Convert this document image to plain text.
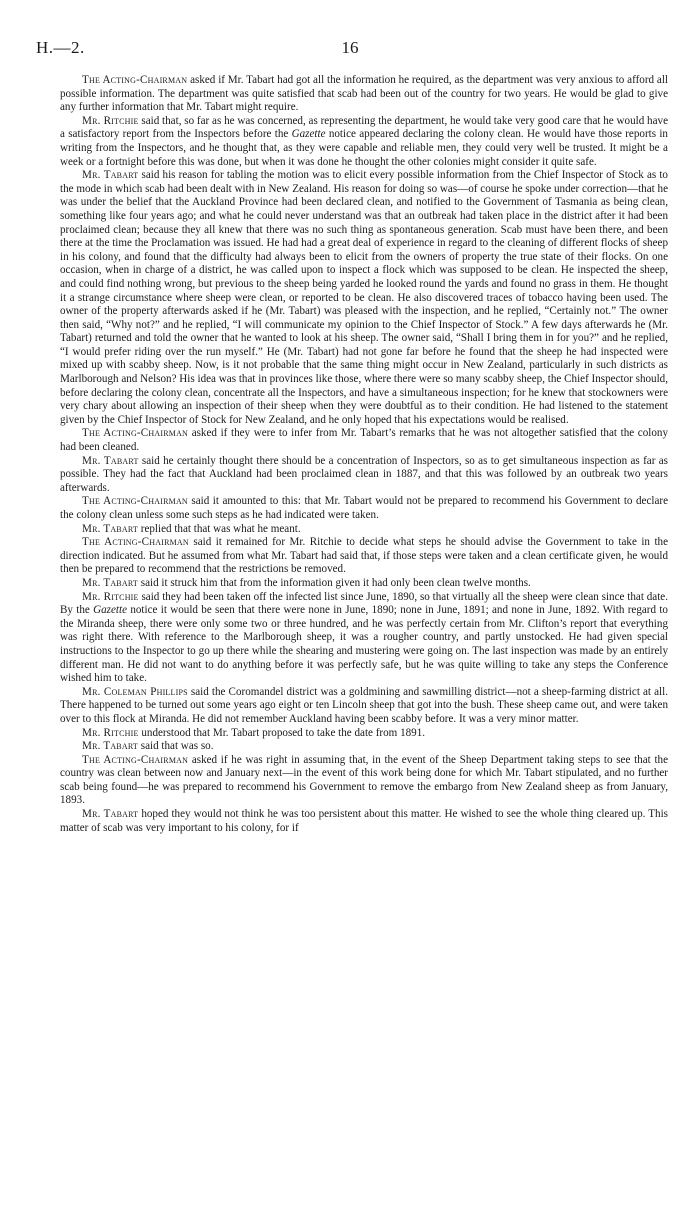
H.—2.	16

The Acting-Chairman asked if Mr. Tabart had got all the information he required, as the department was very anxious to afford all possible information. The department was quite satisfied that scab had been out of the country for two years. He would be glad to give any further information that Mr. Tabart might require.

Mr. Ritchie said that, so far as he was concerned, as representing the department, he would take very good care that he would have a satisfactory report from the Inspectors before the Gazette notice appeared declaring the colony clean. He would have those reports in writing from the Inspectors, and he thought that, as they were capable and reliable men, they could very well be trusted. It might be a week or a fortnight before this was done, but when it was done he thought the other colonies might consider it quite safe.

Mr. Tabart said his reason for tabling the motion was to elicit every possible information from the Chief Inspector of Stock as to the mode in which scab had been dealt with in New Zealand. His reason for doing so was—of course he spoke under correction—that he was under the belief that the Auckland Province had been declared clean, and notified to the Government of Tasmania as being clean, something like four years ago; and what he could never understand was that an outbreak had taken place in the district after it had been proclaimed clean; because they all knew that there was no such thing as spontaneous generation. Scab must have been there, and been there at the time the Proclamation was issued. He had had a great deal of experience in regard to the cleaning of different flocks of sheep in his colony, and found that the difficulty had always been to elicit from the owners of property the true state of their flocks. On one occasion, when in charge of a district, he was called upon to inspect a flock which was supposed to be clean. He inspected the sheep, and could find nothing wrong, but previous to the sheep being yarded he looked round the yards and found no grass in them. He thought it a strange circumstance where sheep were clean, or reported to be clean. He also discovered traces of tobacco having been used. The owner of the property afterwards asked if he (Mr. Tabart) was pleased with the inspection, and he replied, “Certainly not.” The owner then said, “Why not?” and he replied, “I will communicate my opinion to the Chief Inspector of Stock.” A few days afterwards he (Mr. Tabart) returned and told the owner that he wanted to look at his sheep. The owner said, “Shall I bring them in for you?” and he replied, “I would prefer riding over the run myself.” He (Mr. Tabart) had not gone far before he found that the sheep he had inspected were mixed up with scabby sheep. Now, is it not probable that the same thing might occur in New Zealand, particularly in such districts as Marlborough and Nelson? His idea was that in provinces like those, where there were so many scabby sheep, the Chief Inspector should, before declaring the colony clean, concentrate all the Inspectors, and have a simultaneous inspection; for he knew that stockowners were very chary about allowing an inspection of their sheep when they were doubtful as to their condition. He had listened to the statement given by the Chief Inspector of Stock for New Zealand, and he only hoped that his expectations would be realised.

The Acting-Chairman asked if they were to infer from Mr. Tabart’s remarks that he was not altogether satisfied that the colony had been cleaned.

Mr. Tabart said he certainly thought there should be a concentration of Inspectors, so as to get simultaneous inspection as far as possible. They had the fact that Auckland had been proclaimed clean in 1887, and that this was followed by an outbreak two years afterwards.

The Acting-Chairman said it amounted to this: that Mr. Tabart would not be prepared to recommend his Government to declare the colony clean unless some such steps as he had indicated were taken.

Mr. Tabart replied that that was what he meant.

The Acting-Chairman said it remained for Mr. Ritchie to decide what steps he should advise the Government to take in the direction indicated. But he assumed from what Mr. Tabart had said that, if those steps were taken and a clean certificate given, he would then be prepared to recommend that the restrictions be removed.

Mr. Tabart said it struck him that from the information given it had only been clean twelve months.

Mr. Ritchie said they had been taken off the infected list since June, 1890, so that virtually all the sheep were clean since that date. By the Gazette notice it would be seen that there were none in June, 1890; none in June, 1891; and none in June, 1892. With regard to the Miranda sheep, there were only some two or three hundred, and he was perfectly certain from Mr. Clifton’s report that everything was right there. With reference to the Marlborough sheep, it was a rougher country, and partly unstocked. He had given special instructions to the Inspector to go up there while the shearing and mustering were going on. The last inspection was made by an entirely different man. He did not want to do anything before it was perfectly safe, but he was quite willing to take any steps the Conference wished him to take.

Mr. Coleman Phillips said the Coromandel district was a goldmining and sawmilling district—not a sheep-farming district at all. There happened to be turned out some years ago eight or ten Lincoln sheep that got into the bush. These sheep came out, and were taken over to this flock at Miranda. He did not remember Auckland having been scabby before. It was a very minor matter.

Mr. Ritchie understood that Mr. Tabart proposed to take the date from 1891.

Mr. Tabart said that was so.

The Acting-Chairman asked if he was right in assuming that, in the event of the Sheep Department taking steps to see that the country was clean between now and January next—in the event of this work being done for which Mr. Tabart stipulated, and no further scab being found—he was prepared to recommend his Government to remove the embargo from New Zealand sheep as from January, 1893.

Mr. Tabart hoped they would not think he was too persistent about this matter. He wished to see the whole thing cleared up. This matter of scab was very important to his colony, for if
